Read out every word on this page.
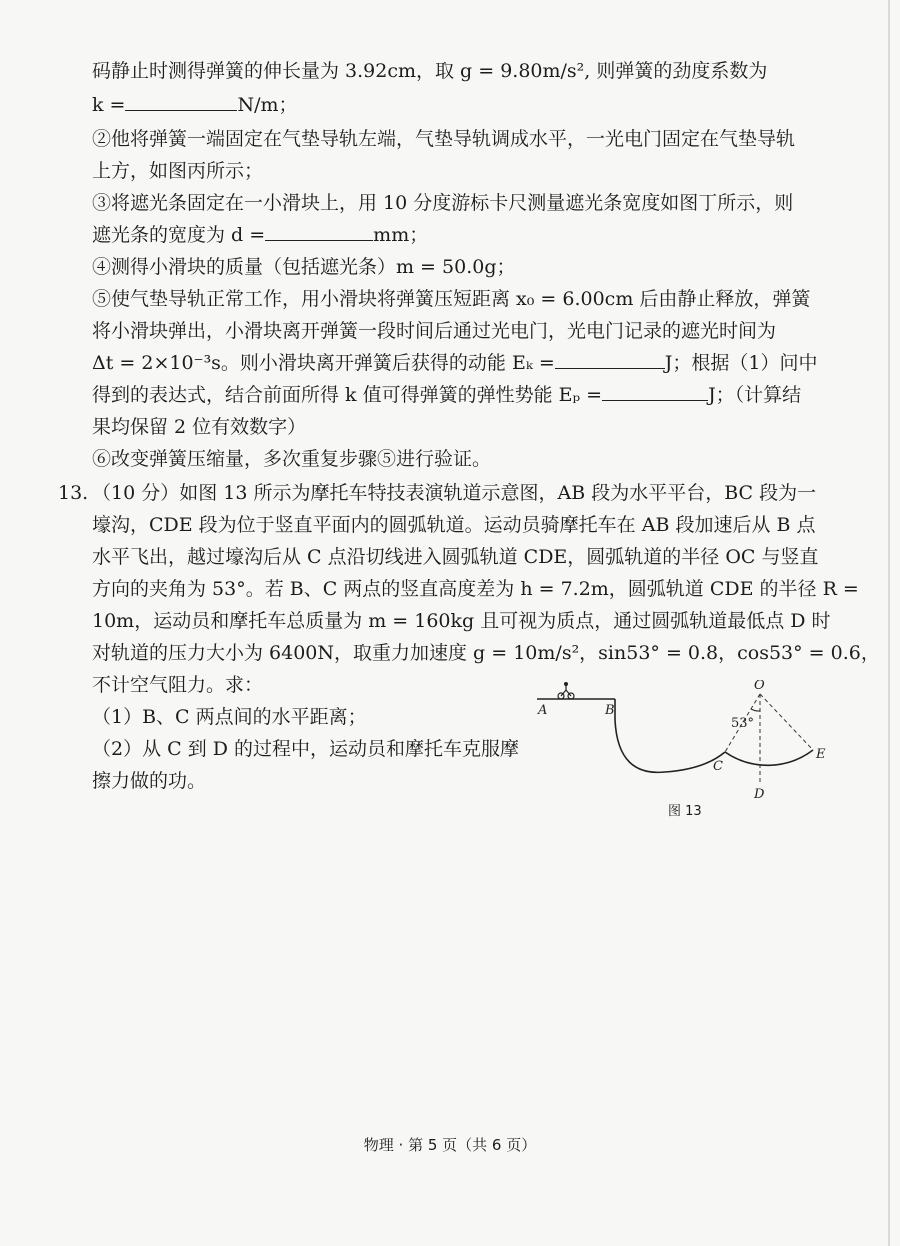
码静止时测得弹簧的伸长量为 3.92cm，取 g = 9.80m/s², 则弹簧的劲度系数为
k =	N/m；
②他将弹簧一端固定在气垫导轨左端，气垫导轨调成水平，一光电门固定在气垫导轨
上方，如图丙所示；
③将遮光条固定在一小滑块上，用 10 分度游标卡尺测量遮光条宽度如图丁所示，则
遮光条的宽度为 d =	mm；
④测得小滑块的质量（包括遮光条）m = 50.0g；
⑤使气垫导轨正常工作，用小滑块将弹簧压短距离 x₀ = 6.00cm 后由静止释放，弹簧
将小滑块弹出，小滑块离开弹簧一段时间后通过光电门，光电门记录的遮光时间为
Δt = 2×10⁻³s。则小滑块离开弹簧后获得的动能 Eₖ =	J；根据（1）问中
得到的表达式，结合前面所得 k 值可得弹簧的弹性势能 Eₚ =	J；（计算结
果均保留 2 位有效数字）
⑥改变弹簧压缩量，多次重复步骤⑤进行验证。
13. （10 分）如图 13 所示为摩托车特技表演轨道示意图，AB 段为水平平台，BC 段为一
壕沟，CDE 段为位于竖直平面内的圆弧轨道。运动员骑摩托车在 AB 段加速后从 B 点
水平飞出，越过壕沟后从 C 点沿切线进入圆弧轨道 CDE，圆弧轨道的半径 OC 与竖直
方向的夹角为 53°。若 B、C 两点的竖直高度差为 h = 7.2m，圆弧轨道 CDE 的半径 R =
10m，运动员和摩托车总质量为 m = 160kg 且可视为质点，通过圆弧轨道最低点 D 时
对轨道的压力大小为 6400N，取重力加速度 g = 10m/s²，sin53° = 0.8，cos53° = 0.6，
不计空气阻力。求：
（1）B、C 两点间的水平距离；
（2）从 C 到 D 的过程中，运动员和摩托车克服摩
擦力做的功。
A	B
O
C
D
E
53°
图 13
物理 · 第 5 页（共 6 页）
